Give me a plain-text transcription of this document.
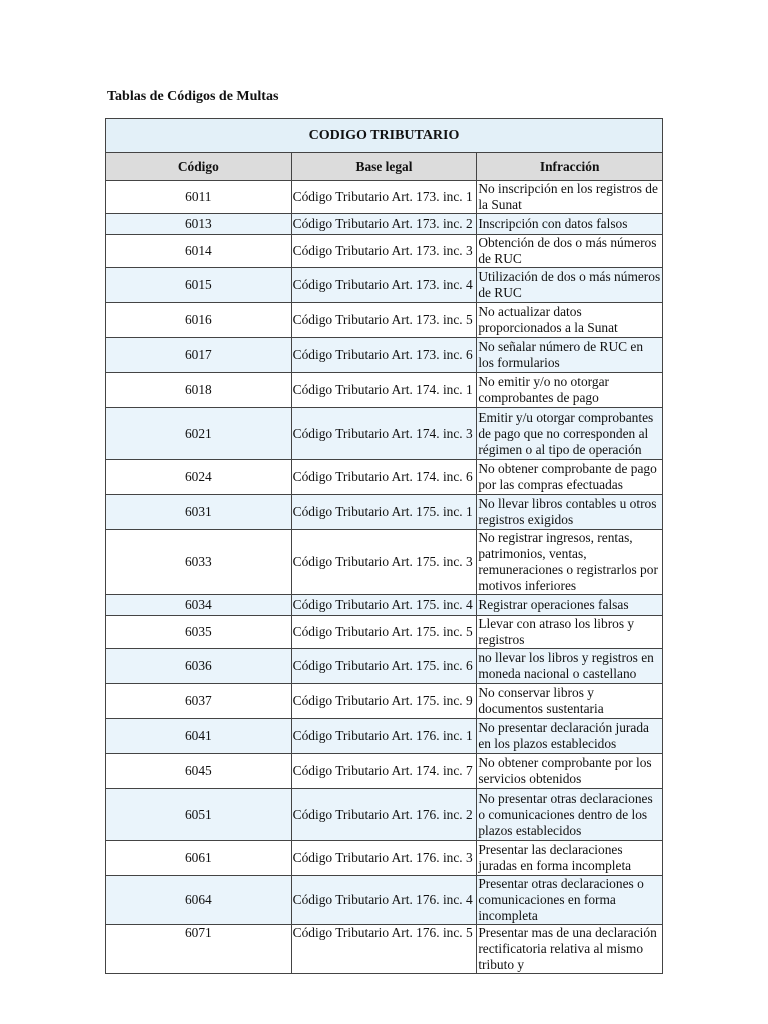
Tablas de Códigos de Multas
CODIGO TRIBUTARIO		
Código	Base legal	Infracción
6011	Código Tributario Art. 173. inc. 1	No inscripción en los registros de la Sunat
6013	Código Tributario Art. 173. inc. 2	Inscripción con datos falsos
6014	Código Tributario Art. 173. inc. 3	Obtención de dos o más números de RUC
6015	Código Tributario Art. 173. inc. 4	Utilización de dos o más números de RUC
6016	Código Tributario Art. 173. inc. 5	No actualizar datos proporcionados a la Sunat
6017	Código Tributario Art. 173. inc. 6	No señalar número de RUC en los formularios
6018	Código Tributario Art. 174. inc. 1	No emitir y/o no otorgar comprobantes de pago
6021	Código Tributario Art. 174. inc. 3	Emitir y/u otorgar comprobantes de pago que no corresponden al régimen o al tipo de operación
6024	Código Tributario Art. 174. inc. 6	No obtener comprobante de pago por las compras efectuadas
6031	Código Tributario Art. 175. inc. 1	No llevar libros contables u otros registros exigidos
6033	Código Tributario Art. 175. inc. 3	No registrar ingresos, rentas, patrimonios, ventas, remuneraciones o registrarlos por motivos inferiores
6034	Código Tributario Art. 175. inc. 4	Registrar operaciones falsas
6035	Código Tributario Art. 175. inc. 5	Llevar con atraso los libros y registros
6036	Código Tributario Art. 175. inc. 6	no llevar los libros y registros en moneda nacional o castellano
6037	Código Tributario Art. 175. inc. 9	No conservar libros y documentos sustentaria
6041	Código Tributario Art. 176. inc. 1	No presentar declaración jurada en los plazos establecidos
6045	Código Tributario Art. 174. inc. 7	No obtener comprobante por los servicios obtenidos
6051	Código Tributario Art. 176. inc. 2	No presentar otras declaraciones o comunicaciones dentro de los plazos establecidos
6061	Código Tributario Art. 176. inc. 3	Presentar las declaraciones juradas en forma incompleta
6064	Código Tributario Art. 176. inc. 4	Presentar otras declaraciones o comunicaciones en forma incompleta
6071	Código Tributario Art. 176. inc. 5	Presentar mas de una declaración rectificatoria relativa al mismo tributo y
